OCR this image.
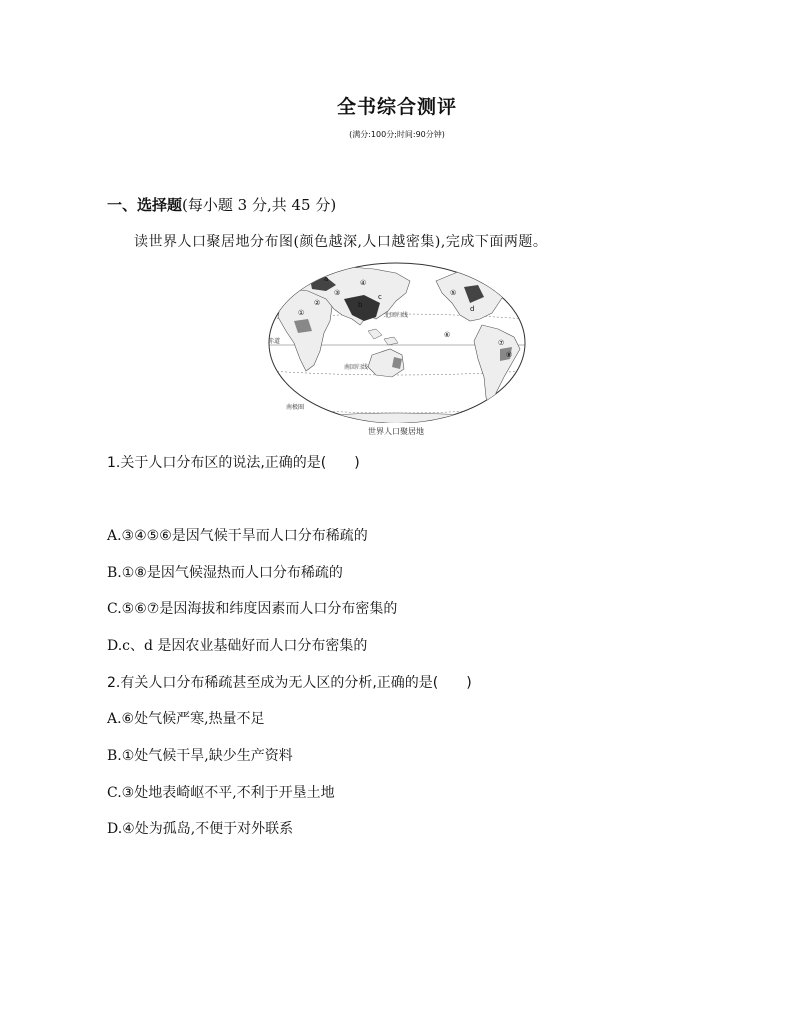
全书综合测评
(满分:100分;时间:90分钟)
一、选择题(每小题 3 分,共 45 分)
读世界人口聚居地分布图(颜色越深,人口越密集),完成下面两题。
赤道
北回归线
南回归线
南极圈
①
②
③
④
⑤
⑥
⑦
⑧
a
b
c
d
世界人口聚居地
1.关于人口分布区的说法,正确的是(　　)
A.③④⑤⑥是因气候干旱而人口分布稀疏的
B.①⑧是因气候湿热而人口分布稀疏的
C.⑤⑥⑦是因海拔和纬度因素而人口分布密集的
D.c、d 是因农业基础好而人口分布密集的
2.有关人口分布稀疏甚至成为无人区的分析,正确的是(　　)
A.⑥处气候严寒,热量不足
B.①处气候干旱,缺少生产资料
C.③处地表崎岖不平,不利于开垦土地
D.④处为孤岛,不便于对外联系
